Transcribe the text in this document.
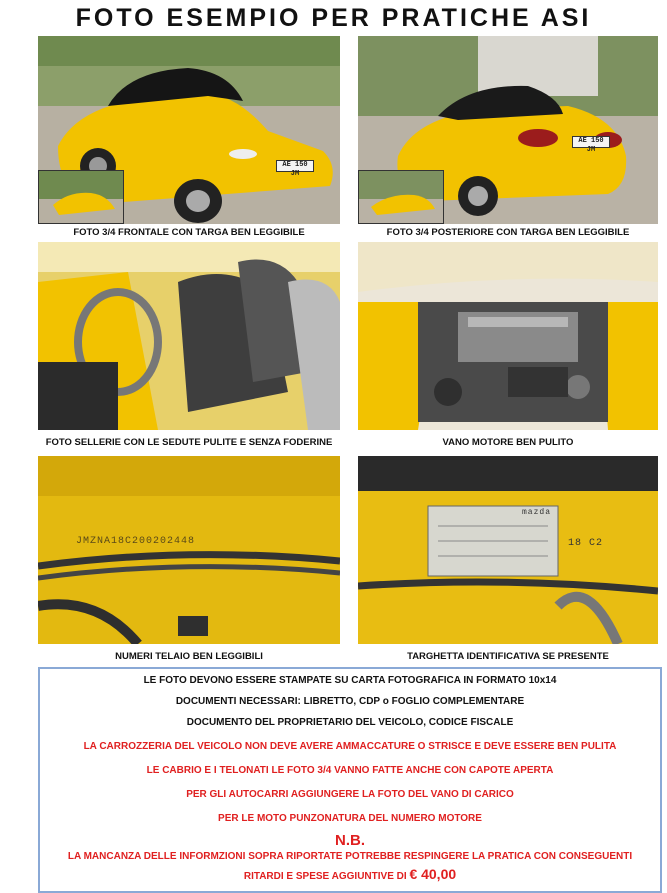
FOTO ESEMPIO PER PRATICHE ASI
AE 150 JM
FOTO 3/4 FRONTALE CON TARGA BEN LEGGIBILE
AE 150 JM
FOTO 3/4 POSTERIORE CON TARGA BEN LEGGIBILE
FOTO SELLERIE CON LE SEDUTE PULITE E SENZA FODERINE	VANO MOTORE BEN PULITO
JMZNA18C200202448
NUMERI TELAIO BEN LEGGIBILI
mazda
18 C2
TARGHETTA IDENTIFICATIVA SE PRESENTE
LE FOTO DEVONO ESSERE STAMPATE SU CARTA FOTOGRAFICA IN FORMATO 10x14
DOCUMENTI NECESSARI: LIBRETTO, CDP o FOGLIO COMPLEMENTARE
DOCUMENTO DEL PROPRIETARIO DEL VEICOLO, CODICE FISCALE
LA CARROZZERIA DEL VEICOLO NON DEVE AVERE AMMACCATURE O STRISCE E DEVE ESSERE BEN PULITA
LE CABRIO E I TELONATI LE FOTO 3/4 VANNO FATTE ANCHE CON CAPOTE APERTA
PER GLI AUTOCARRI AGGIUNGERE LA FOTO DEL VANO DI CARICO
PER LE MOTO PUNZONATURA DEL NUMERO MOTORE
N.B.
LA MANCANZA DELLE INFORMZIONI SOPRA RIPORTATE POTREBBE RESPINGERE LA PRATICA CON CONSEGUENTI
RITARDI E SPESE AGGIUNTIVE DI € 40,00
